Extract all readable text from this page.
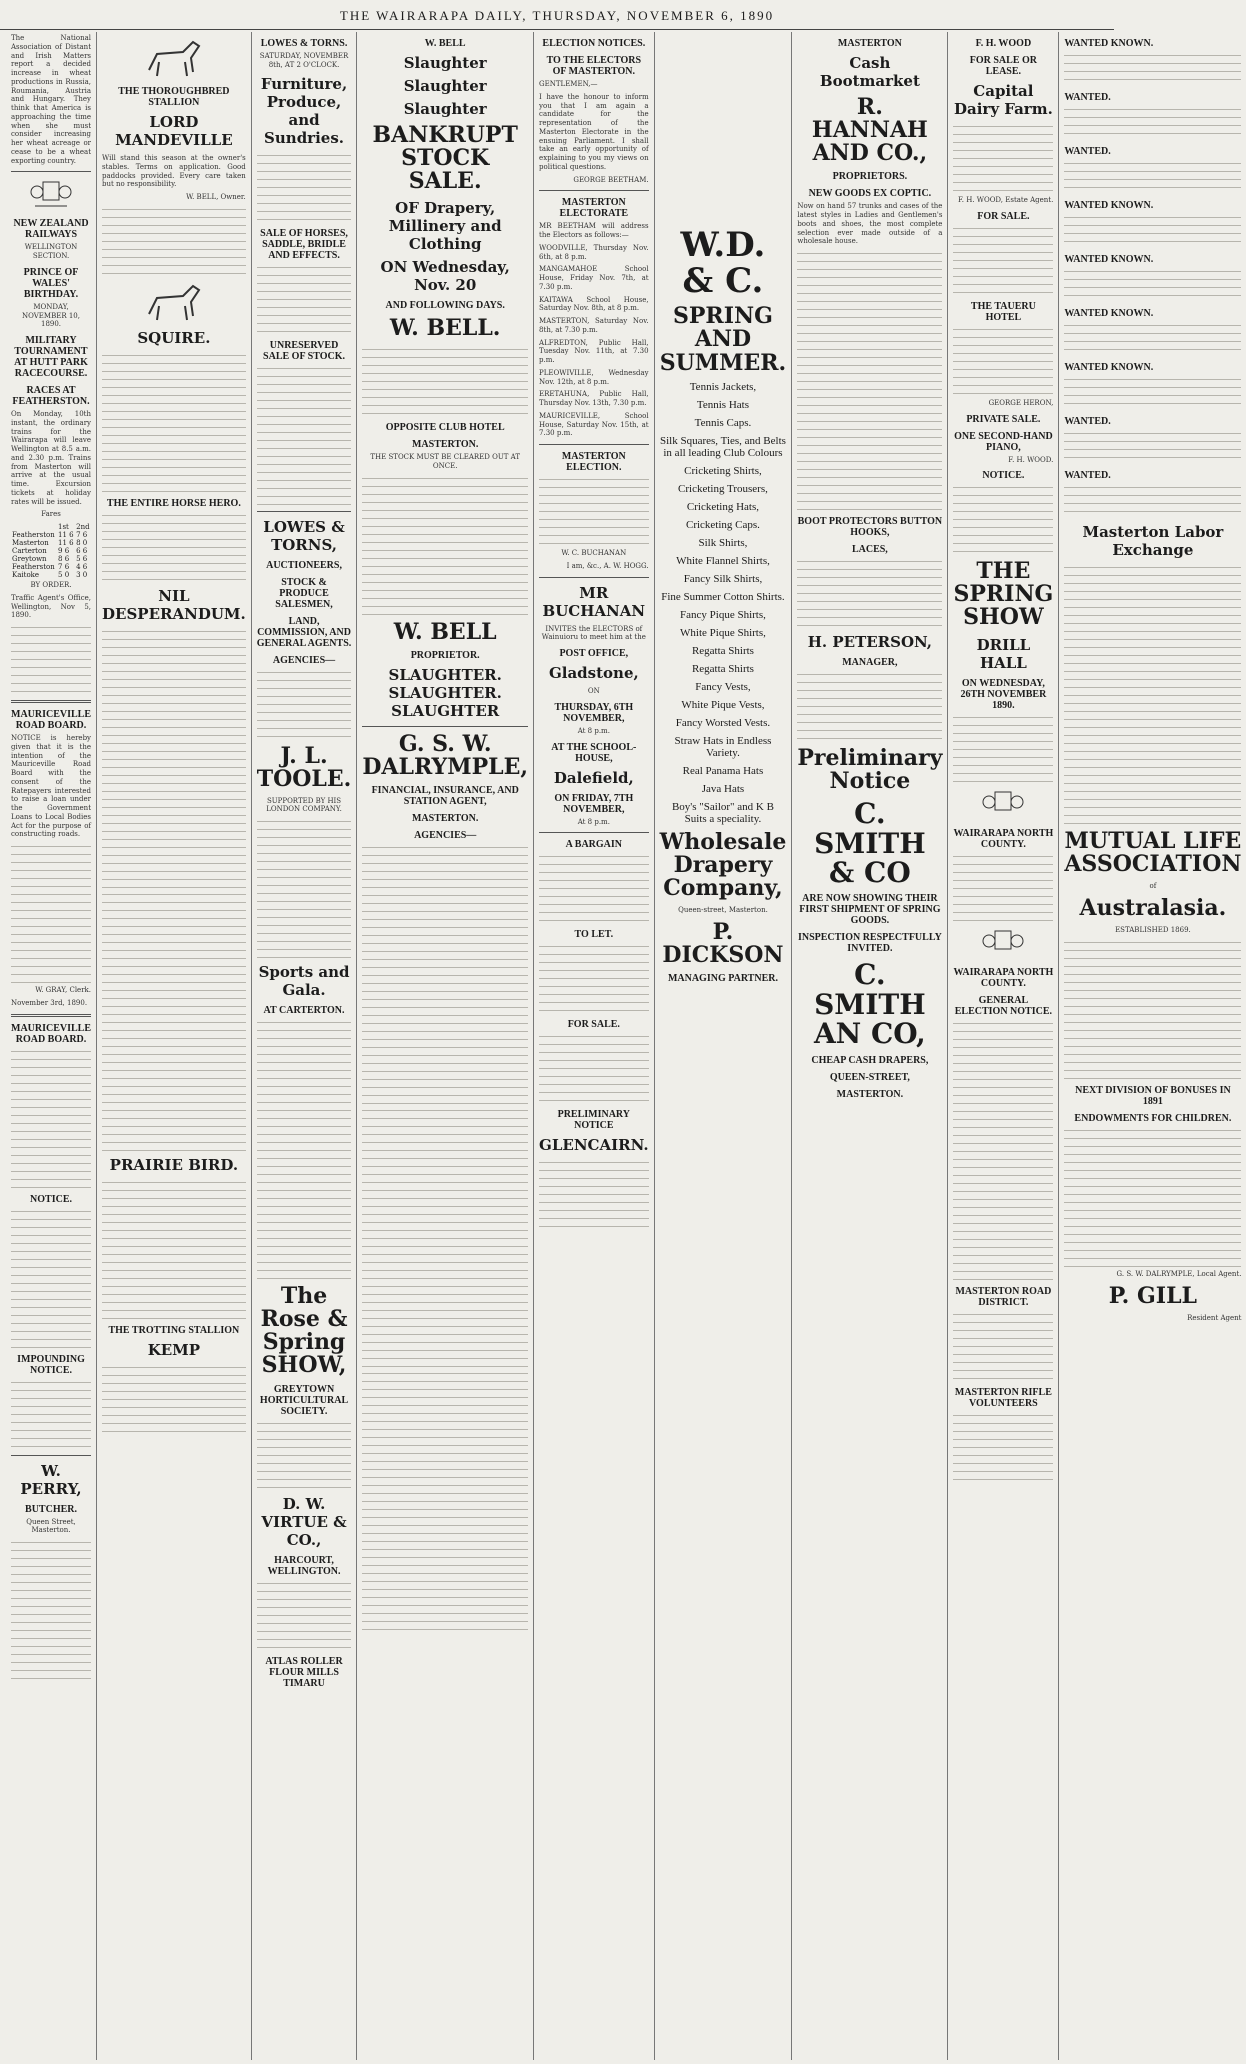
THE WAIRARAPA DAILY, THURSDAY, NOVEMBER 6, 1890

The National Association of Distant and Irish Matters report a decided increase in wheat productions in Russia, Roumania, Austria and Hungary. They think that America is approaching the time when she must consider increasing her wheat acreage or cease to be a wheat exporting country.

NEW ZEALAND RAILWAYS
WELLINGTON SECTION.
PRINCE OF WALES' BIRTHDAY.
MONDAY, NOVEMBER 10, 1890.
MILITARY TOURNAMENT AT HUTT PARK RACECOURSE.
RACES AT FEATHERSTON.

On Monday, 10th instant, the ordinary trains for the Wairarapa will leave Wellington at 8.5 a.m. and 2.30 p.m. Trains from Masterton will arrive at the usual time. Excursion tickets at holiday rates will be issued.

Fares
	1st	2nd
Featherston	11 6	7 6
Masterton	11 6	8 0
Carterton	9 6	6 6
Greytown	8 6	5 6
Featherston	7 6	4 6
Kaitoke	5 0	3 0
BY ORDER.
Traffic Agent's Office, Wellington, Nov 5, 1890.
MAURICEVILLE ROAD BOARD.

NOTICE is hereby given that it is the intention of the Mauriceville Road Board with the consent of the Ratepayers interested to raise a loan under the Government Loans to Local Bodies Act for the purpose of constructing roads.

W. GRAY, Clerk.
November 3rd, 1890.
MAURICEVILLE ROAD BOARD.
NOTICE.
IMPOUNDING NOTICE.
W. PERRY,
BUTCHER.
Queen Street, Masterton.
THE THOROUGHBRED STALLION
LORD MANDEVILLE

Will stand this season at the owner's stables. Terms on application. Good paddocks provided. Every care taken but no responsibility.

W. BELL, Owner.
SQUIRE.
THE ENTIRE HORSE HERO.
NIL DESPERANDUM.
PRAIRIE BIRD.
THE TROTTING STALLION
KEMP
LOWES & TORNS.
SATURDAY, NOVEMBER 8th, AT 2 O'CLOCK.
Furniture, Produce, and Sundries.
SALE OF HORSES, SADDLE, BRIDLE AND EFFECTS.
UNRESERVED SALE OF STOCK.
LOWES & TORNS,
AUCTIONEERS,
STOCK & PRODUCE SALESMEN,
LAND, COMMISSION, AND GENERAL AGENTS.
AGENCIES—
J. L. TOOLE.
SUPPORTED BY HIS LONDON COMPANY.
Sports and Gala.
AT CARTERTON.
The Rose & Spring SHOW,
GREYTOWN HORTICULTURAL SOCIETY.
D. W. VIRTUE & CO.,
HARCOURT, WELLINGTON.
ATLAS ROLLER FLOUR MILLS TIMARU
W. BELL
Slaughter
Slaughter
Slaughter
BANKRUPT STOCK SALE.
OF Drapery, Millinery and Clothing
ON Wednesday, Nov. 20
AND FOLLOWING DAYS.
W. BELL.
OPPOSITE CLUB HOTEL
MASTERTON.
THE STOCK MUST BE CLEARED OUT AT ONCE.
W. BELL
PROPRIETOR.
SLAUGHTER. SLAUGHTER. SLAUGHTER
G. S. W. DALRYMPLE,
FINANCIAL, INSURANCE, AND STATION AGENT,
MASTERTON.
AGENCIES—
ELECTION NOTICES.
TO THE ELECTORS OF MASTERTON.
GENTLEMEN,—

I have the honour to inform you that I am again a candidate for the representation of the Masterton Electorate in the ensuing Parliament. I shall take an early opportunity of explaining to you my views on political questions.

GEORGE BEETHAM.
MASTERTON ELECTORATE
MR BEETHAM will address the Electors as follows:—
WOODVILLE, Thursday Nov. 6th, at 8 p.m.
MANGAMAHOE School House, Friday Nov. 7th, at 7.30 p.m.
KAITAWA School House, Saturday Nov. 8th, at 8 p.m.
MASTERTON, Saturday Nov. 8th, at 7.30 p.m.
ALFREDTON, Public Hall, Tuesday Nov. 11th, at 7.30 p.m.
PLEOWIVILLE, Wednesday Nov. 12th, at 8 p.m.
ERETAHUNA, Public Hall, Thursday Nov. 13th, 7.30 p.m.
MAURICEVILLE, School House, Saturday Nov. 15th, at 7.30 p.m.
MASTERTON ELECTION.
W. C. BUCHANAN
I am, &c., A. W. HOGG.
MR BUCHANAN
INVITES the ELECTORS of Wainuioru to meet him at the
POST OFFICE,
Gladstone,
ON
THURSDAY, 6TH NOVEMBER,
At 8 p.m.
AT THE SCHOOL-HOUSE,
Dalefield,
ON FRIDAY, 7TH NOVEMBER,
At 8 p.m.
A BARGAIN
TO LET.
FOR SALE.
PRELIMINARY NOTICE
GLENCAIRN.
W.D. & C.
SPRING AND SUMMER.
Tennis Jackets,
Tennis Hats
Tennis Caps.
Silk Squares, Ties, and Belts in all leading Club Colours
Cricketing Shirts,
Cricketing Trousers,
Cricketing Hats,
Cricketing Caps.
Silk Shirts,
White Flannel Shirts,
Fancy Silk Shirts,
Fine Summer Cotton Shirts.
Fancy Pique Shirts,
White Pique Shirts,
Regatta Shirts
Regatta Shirts
Fancy Vests,
White Pique Vests,
Fancy Worsted Vests.
Straw Hats in Endless Variety.
Real Panama Hats
Java Hats
Boy's "Sailor" and K B Suits a speciality.
Wholesale Drapery Company,
Queen-street, Masterton.
P. DICKSON
MANAGING PARTNER.
MASTERTON
Cash Bootmarket
R. HANNAH AND CO.,
PROPRIETORS.
NEW GOODS EX COPTIC.

Now on hand 57 trunks and cases of the latest styles in Ladies and Gentlemen's boots and shoes, the most complete selection ever made outside of a wholesale house.

BOOT PROTECTORS BUTTON HOOKS,
LACES,
H. PETERSON,
MANAGER,
Preliminary Notice
C. SMITH & CO
ARE NOW SHOWING THEIR FIRST SHIPMENT OF SPRING GOODS.
INSPECTION RESPECTFULLY INVITED.
C. SMITH AN CO,
CHEAP CASH DRAPERS,
QUEEN-STREET,
MASTERTON.
F. H. WOOD
FOR SALE OR LEASE.
Capital Dairy Farm.
F. H. WOOD, Estate Agent.
FOR SALE.
THE TAUERU HOTEL
GEORGE HERON,
PRIVATE SALE.
ONE SECOND-HAND PIANO,
F. H. WOOD.
NOTICE.
THE SPRING SHOW
DRILL HALL
ON WEDNESDAY, 26TH NOVEMBER 1890.
WAIRARAPA NORTH COUNTY.
WAIRARAPA NORTH COUNTY.
GENERAL ELECTION NOTICE.
MASTERTON ROAD DISTRICT.
MASTERTON RIFLE VOLUNTEERS
WANTED KNOWN.
WANTED.
WANTED.
WANTED KNOWN.
WANTED KNOWN.
WANTED KNOWN.
WANTED KNOWN.
WANTED.
WANTED.
Masterton Labor Exchange
MUTUAL LIFE ASSOCIATION
of
Australasia.
ESTABLISHED 1869.
NEXT DIVISION OF BONUSES IN 1891
ENDOWMENTS FOR CHILDREN.
G. S. W. DALRYMPLE, Local Agent.
P. GILL
Resident Agent
